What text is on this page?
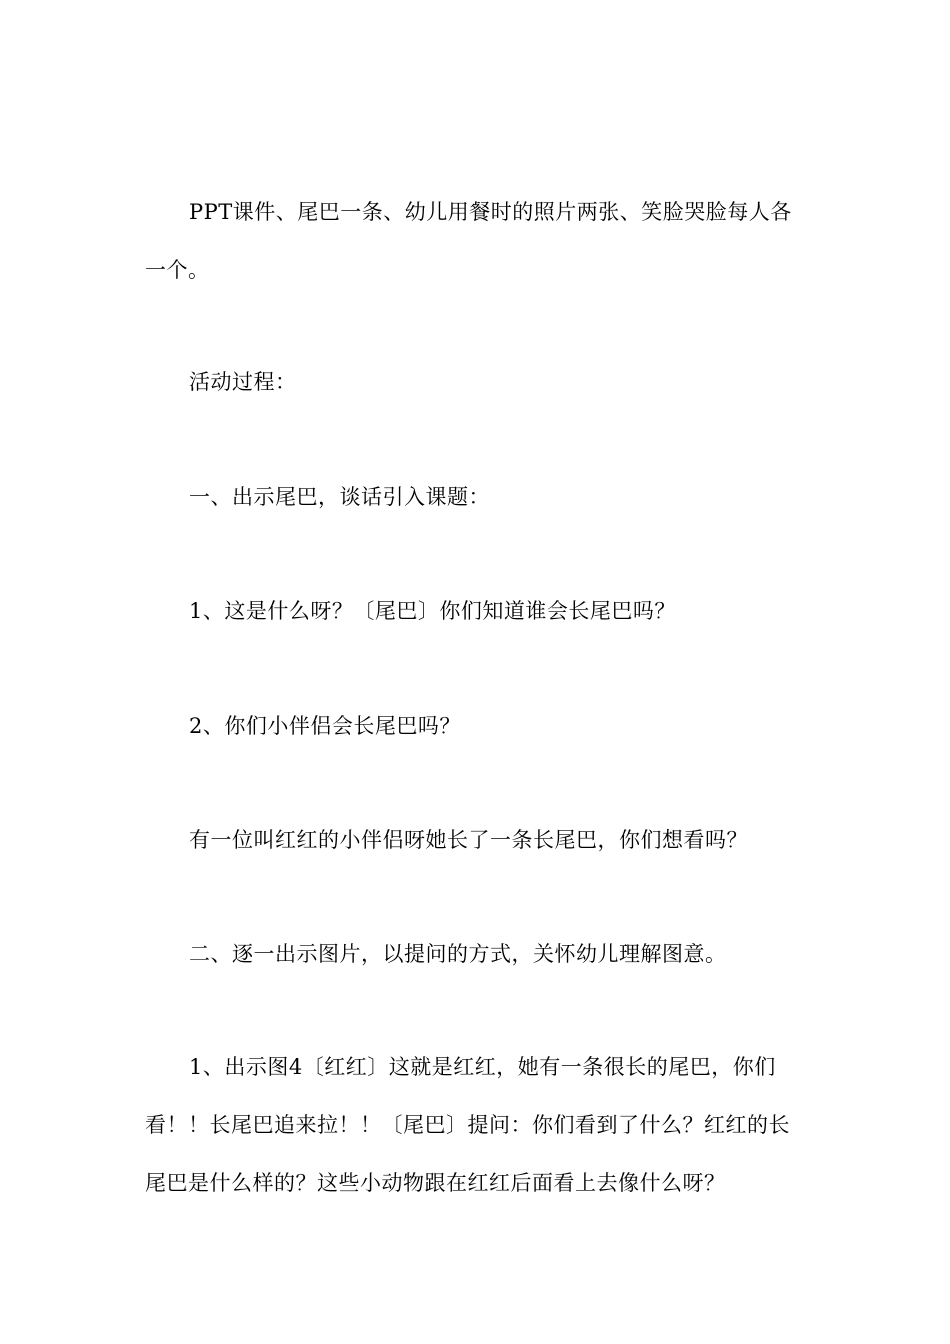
PPT课件、尾巴一条、幼儿用餐时的照片两张、笑脸哭脸每人各一个。

活动过程：

一、出示尾巴，谈话引入课题：

1、这是什么呀？〔尾巴〕你们知道谁会长尾巴吗？

2、你们小伴侣会长尾巴吗？

有一位叫红红的小伴侣呀她长了一条长尾巴，你们想看吗？

二、逐一出示图片，以提问的方式，关怀幼儿理解图意。

1、出示图4〔红红〕这就是红红，她有一条很长的尾巴，你们看！！长尾巴追来拉！！〔尾巴〕提问：你们看到了什么？红红的长尾巴是什么样的？这些小动物跟在红红后面看上去像什么呀？
